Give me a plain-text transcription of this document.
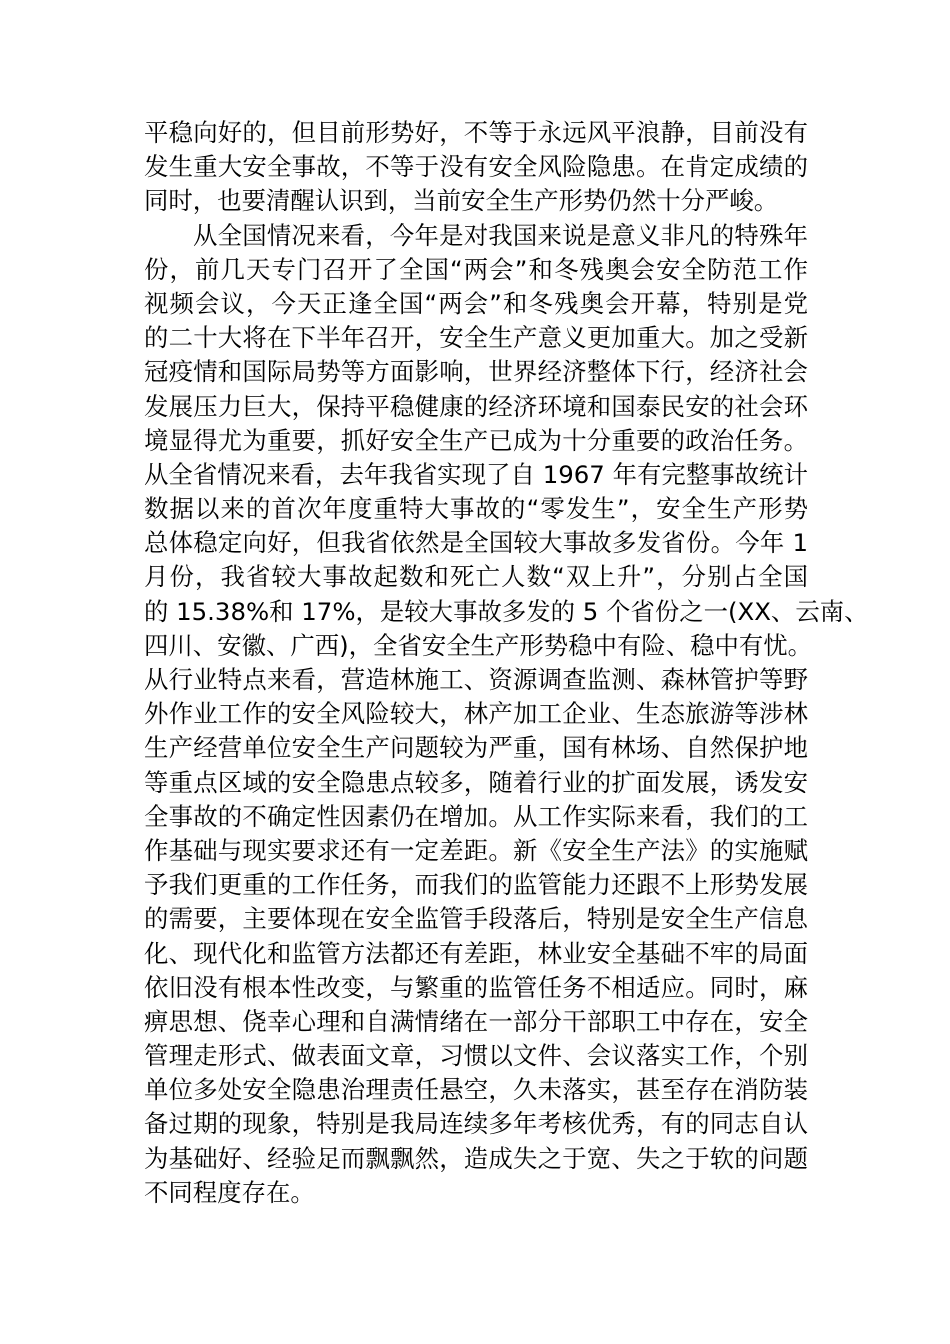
平稳向好的，但目前形势好，不等于永远风平浪静，目前没有
发生重大安全事故，不等于没有安全风险隐患。在肯定成绩的
同时，也要清醒认识到，当前安全生产形势仍然十分严峻。
从全国情况来看，今年是对我国来说是意义非凡的特殊年
份，前几天专门召开了全国“两会”和冬残奥会安全防范工作
视频会议，今天正逢全国“两会”和冬残奥会开幕，特别是党
的二十大将在下半年召开，安全生产意义更加重大。加之受新
冠疫情和国际局势等方面影响，世界经济整体下行，经济社会
发展压力巨大，保持平稳健康的经济环境和国泰民安的社会环
境显得尤为重要，抓好安全生产已成为十分重要的政治任务。
从全省情况来看，去年我省实现了自 1967 年有完整事故统计
数据以来的首次年度重特大事故的“零发生”，安全生产形势
总体稳定向好，但我省依然是全国较大事故多发省份。今年 1
月份，我省较大事故起数和死亡人数“双上升”，分别占全国
的 15.38%和 17%，是较大事故多发的 5 个省份之一(XX、云南、
四川、安徽、广西)，全省安全生产形势稳中有险、稳中有忧。
从行业特点来看，营造林施工、资源调查监测、森林管护等野
外作业工作的安全风险较大，林产加工企业、生态旅游等涉林
生产经营单位安全生产问题较为严重，国有林场、自然保护地
等重点区域的安全隐患点较多，随着行业的扩面发展，诱发安
全事故的不确定性因素仍在增加。从工作实际来看，我们的工
作基础与现实要求还有一定差距。新《安全生产法》的实施赋
予我们更重的工作任务，而我们的监管能力还跟不上形势发展
的需要，主要体现在安全监管手段落后，特别是安全生产信息
化、现代化和监管方法都还有差距，林业安全基础不牢的局面
依旧没有根本性改变，与繁重的监管任务不相适应。同时，麻
痹思想、侥幸心理和自满情绪在一部分干部职工中存在，安全
管理走形式、做表面文章，习惯以文件、会议落实工作，个别
单位多处安全隐患治理责任悬空，久未落实，甚至存在消防装
备过期的现象，特别是我局连续多年考核优秀，有的同志自认
为基础好、经验足而飘飘然，造成失之于宽、失之于软的问题
不同程度存在。
